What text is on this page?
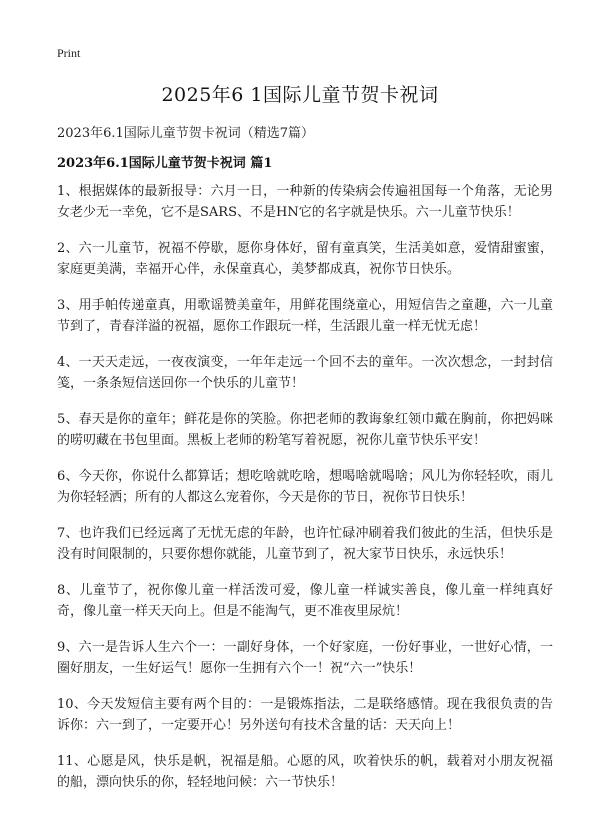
Print
2025年6 1国际儿童节贺卡祝词
2023年6.1国际儿童节贺卡祝词（精选7篇）
2023年6.1国际儿童节贺卡祝词 篇1

1、根据媒体的最新报导：六月一日，一种新的传染病会传遍祖国每一个角落，无论男女老少无一幸免，它不是SARS、不是HN它的名字就是快乐。六一儿童节快乐！

2、六一儿童节，祝福不停歇，愿你身体好，留有童真笑，生活美如意，爱情甜蜜蜜，家庭更美满，幸福开心伴，永保童真心，美梦都成真，祝你节日快乐。

3、用手帕传递童真，用歌谣赞美童年，用鲜花围绕童心，用短信告之童趣，六一儿童节到了，青春洋溢的祝福，愿你工作跟玩一样，生活跟儿童一样无忧无虑！

4、一天天走远，一夜夜演变，一年年走远一个回不去的童年。一次次想念，一封封信笺，一条条短信送回你一个快乐的儿童节！

5、春天是你的童年；鲜花是你的笑脸。你把老师的教诲象红领巾戴在胸前，你把妈咪的唠叨藏在书包里面。黑板上老师的粉笔写着祝愿，祝你儿童节快乐平安！

6、今天你，你说什么都算话；想吃啥就吃啥，想喝啥就喝啥；风儿为你轻轻吹，雨儿为你轻轻洒；所有的人都这么宠着你，今天是你的节日，祝你节日快乐！

7、也许我们已经远离了无忧无虑的年龄，也许忙碌冲刷着我们彼此的生活，但快乐是没有时间限制的，只要你想你就能，儿童节到了，祝大家节日快乐，永远快乐！

8、儿童节了，祝你像儿童一样活泼可爱，像儿童一样诚实善良，像儿童一样纯真好奇，像儿童一样天天向上。但是不能淘气，更不准夜里尿炕！

9、六一是告诉人生六个一：一副好身体，一个好家庭，一份好事业，一世好心情，一圈好朋友，一生好运气！愿你一生拥有六个一！祝“六一”快乐！

10、今天发短信主要有两个目的：一是锻炼指法，二是联络感情。现在我很负责的告诉你：六一到了，一定要开心！另外送句有技术含量的话：天天向上！

11、心愿是风，快乐是帆，祝福是船。心愿的风，吹着快乐的帆，载着对小朋友祝福的船，漂向快乐的你，轻轻地问候：六一节快乐！
